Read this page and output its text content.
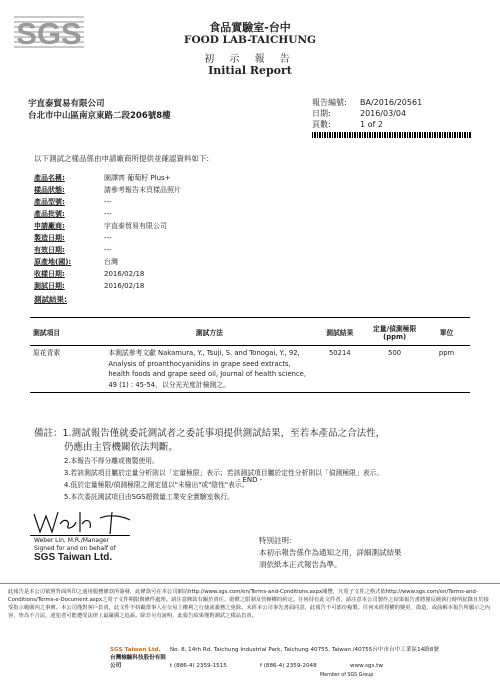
SGS	食品實驗室-台中
FOOD LAB-TAICHUNG
初 示 報 告
Initial Report
宇直泰貿易有限公司
台北市中山區南京東路二段206號8樓
報告編號: BA/2016/20561
日期:	2016/03/04
頁數:	1 of 2
以下測試之樣品係由申請廠商所提供並確認資料如下:
產品名稱:	園譯齊 葡萄籽 Plus+
樣品狀態:	請參考報告末頁樣品照片
產品型號:	---
產品批號:	---
申請廠商:	宇直泰貿易有限公司
製造日期:	---
有效日期:	---
原產地(國):	台灣
收樣日期:	2016/02/18
測試日期:	2016/02/18
測試結果:
測試項目	測試方法	測試結果	定量/偵測極限(ppm)	單位
原花青素	本測試參考文獻 Nakamura, Y., Tsuji, S. and Tonogai, Y., 92, Analysis of proanthocyanidins in grape seed extracts, health foods and grape seed oil, Journal of health science, 49 (1) : 45-54，以分光光度計檢測之。	50214	500	ppm
備註：1.測試報告僅就委託測試者之委託事項提供測試結果，至若本產品之合法性，
仍應由主管機關依法判斷。
2.本報告不得分離或複製使用。
3.若該測試項目屬於定量分析則以「定量極限」表示；若該測試項目屬於定性分析則以「偵測極限」表示。
4.低於定量極限/偵測極限之測定值以"未檢出"或"陰性"表示。
5.本次委託測試項目由SGS超微量工業安全實驗室執行。
- END -
Weber Lin, M.R./Manager
Signed for and on behalf of
SGS Taiwan Ltd.
特別註明：
本初示報告係作為通知之用，詳細測試結果
須依紙本正式報告為準。
此報告是本公司依照背面所印之通用服務條款所簽發，此條款可在本公司網站http://www.sgs.com/en/Terms-and-Conditions.aspx閱覽，凡電子文件之格式依http://www.sgs.com/en/Terms-and-Conditions/Terms-e-Document.aspx之電子文件期限與條件處理。請注意條款有關於責任、賠償之限制及管轄權的約定。任何持有此文件者，請注意本公司製作之結果報告書將僅反映執行時所紀錄且於接受指示範圍內之事實。本公司僅對客戶負責，此文件不妨礙當事人在交易上權利之行使或義務之免除。未經本公司事先書面同意，此報告不可部份複製。任何未經授權的變更、偽造、或曲解本報告所顯示之內容，皆為不合法，違犯者可能遭受法律上最嚴厲之追訴。除非另有說明，此報告結果僅對測試之樣品負責。
SGS Taiwan Ltd. No. 8, 14th Rd. Taichung Industrial Park, Taichung 40755, Taiwan /40755台中市台中工業區14路8號
台灣檢驗科技股份有限公司	t (886-4) 2359-1515	f (886-4) 2359-2048	www.sgs.tw
Member of SGS Group
